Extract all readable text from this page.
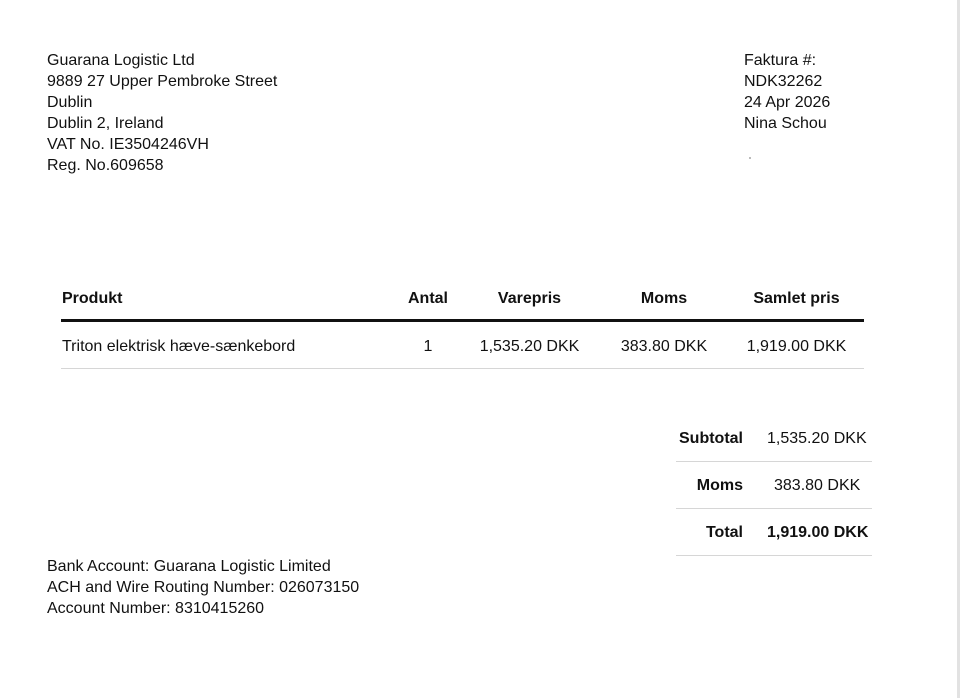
Guarana Logistic Ltd
9889 27 Upper Pembroke Street
Dublin
Dublin 2, Ireland
VAT No. IE3504246VH
Reg. No.609658
Faktura #:
NDK32262
24 Apr 2026
Nina Schou
Produkt	Antal	Varepris	Moms	Samlet pris
Triton elektrisk hæve-sænkebord	1	1,535.20 DKK	383.80 DKK	1,919.00 DKK
Subtotal 1,535.20 DKK
Moms 383.80 DKK
Total 1,919.00 DKK
Bank Account: Guarana Logistic Limited
ACH and Wire Routing Number: 026073150
Account Number: 8310415260
